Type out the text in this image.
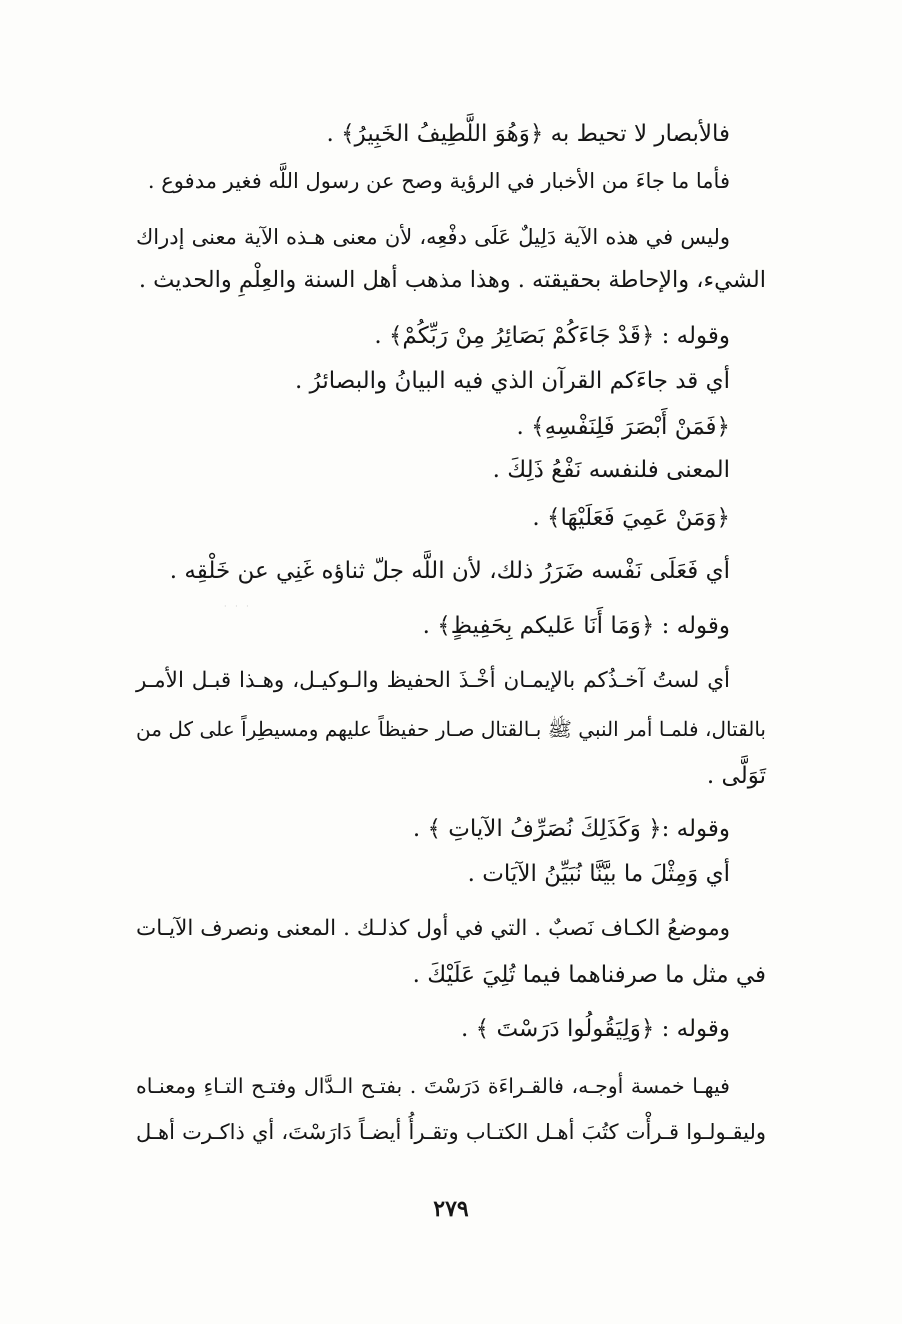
فالأبصار لا تحيط به ﴿وَهُوَ اللَّطِيفُ الخَبِيرُ﴾ .
فأما ما جاءَ من الأخبار في الرؤية وصح عن رسول اللَّه فغير مدفوع .
وليس في هذه الآية دَلِيلٌ عَلَى دفْعِه، لأن معنى هـذه الآية معنى إدراك
الشيء، والإحاطة بحقيقته . وهذا مذهب أهل السنة والعِلْمِ والحديث .
وقوله : ﴿قَدْ جَاءَكُمْ بَصَائِرُ مِنْ رَبِّكُمْ﴾ .
أي قد جاءَكم القرآن الذي فيه البيانُ والبصائرُ .
﴿فَمَنْ أَبْصَرَ فَلِنَفْسِهِ﴾ .
المعنى فلنفسه نَفْعُ ذَلِكَ .
﴿وَمَنْ عَمِيَ فَعَلَيْهَا﴾ .
أي فَعَلَى نَفْسه ضَرَرُ ذلك، لأن اللَّه جلّ ثناؤه غَنِي عن خَلْقِه .
وقوله : ﴿وَمَا أَنَا عَليكم بِحَفِيظٍ﴾ .
أي لستُ آخـذُكم بالإيمـان أخْـذَ الحفيظ والـوكيـل، وهـذا قبـل الأمـر
بالقتال، فلمـا أمر النبي ﷺ بـالقتال صـار حفيظاً عليهم ومسيطِراً على كل من
تَوَلَّى .
وقوله :﴿ وَكَذَلِكَ نُصَرِّفُ الآياتِ ﴾ .
أي وَمِثْلَ ما بيَّنَّا نُبَيِّنُ الآيَات .
وموضعُ الكـاف نَصبٌ . التي في أول كذلـك . المعنى ونصرف الآيـات
في مثل ما صرفناهما فيما تُلِيَ عَلَيْكَ .
وقوله : ﴿وَلِيَقُولُوا دَرَسْتَ ﴾ .
فيهـا خمسة أوجـه، فالقـراءَة دَرَسْتَ . بفتـح الـدَّال وفتـح التـاءِ ومعنـاه
وليقـولـوا قـرأْت كتُبَ أهـل الكتـاب وتقـرأُ أيضـاً دَارَسْتَ، أي ذاكـرت أهـل
٢٧٩
· · ·
